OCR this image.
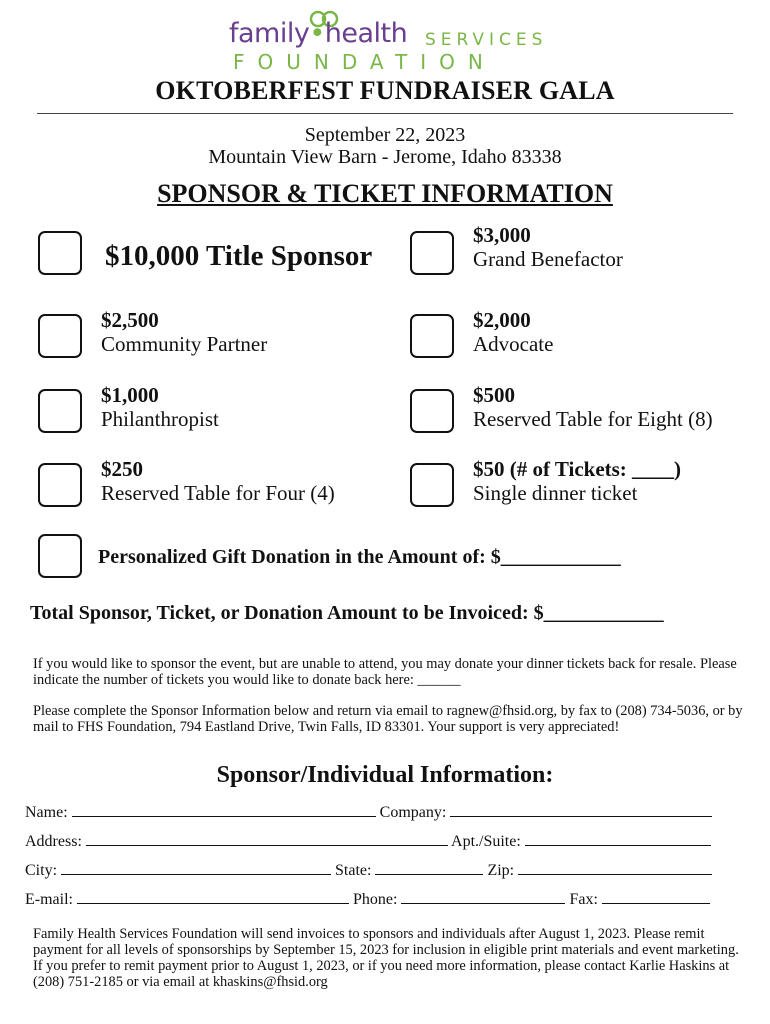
family•health SERVICES
FOUNDATION
OKTOBERFEST FUNDRAISER GALA
September 22, 2023
Mountain View Barn - Jerome, Idaho 83338
SPONSOR & TICKET INFORMATION
$10,000 Title Sponsor
$3,000
Grand Benefactor
$2,500
Community Partner
$2,000
Advocate
$1,000
Philanthropist
$500
Reserved Table for Eight (8)
$250
Reserved Table for Four (4)
$50 (# of Tickets: ____)
Single dinner ticket
Personalized Gift Donation in the Amount of: $____________
Total Sponsor, Ticket, or Donation Amount to be Invoiced: $____________
If you would like to sponsor the event, but are unable to attend, you may donate your dinner tickets back for resale. Please indicate the number of tickets you would like to donate back here: ______
Please complete the Sponsor Information below and return via email to ragnew@fhsid.org, by fax to (208) 734-5036, or by mail to FHS Foundation, 794 Eastland Drive, Twin Falls, ID 83301. Your support is very appreciated!
Sponsor/Individual Information:
Name:	Company:
Address:	Apt./Suite:
City:	State:	Zip:
E-mail:	Phone:	Fax:
Family Health Services Foundation will send invoices to sponsors and individuals after August 1, 2023. Please remit payment for all levels of sponsorships by September 15, 2023 for inclusion in eligible print materials and event marketing. If you prefer to remit payment prior to August 1, 2023, or if you need more information, please contact Karlie Haskins at (208) 751-2185 or via email at khaskins@fhsid.org
